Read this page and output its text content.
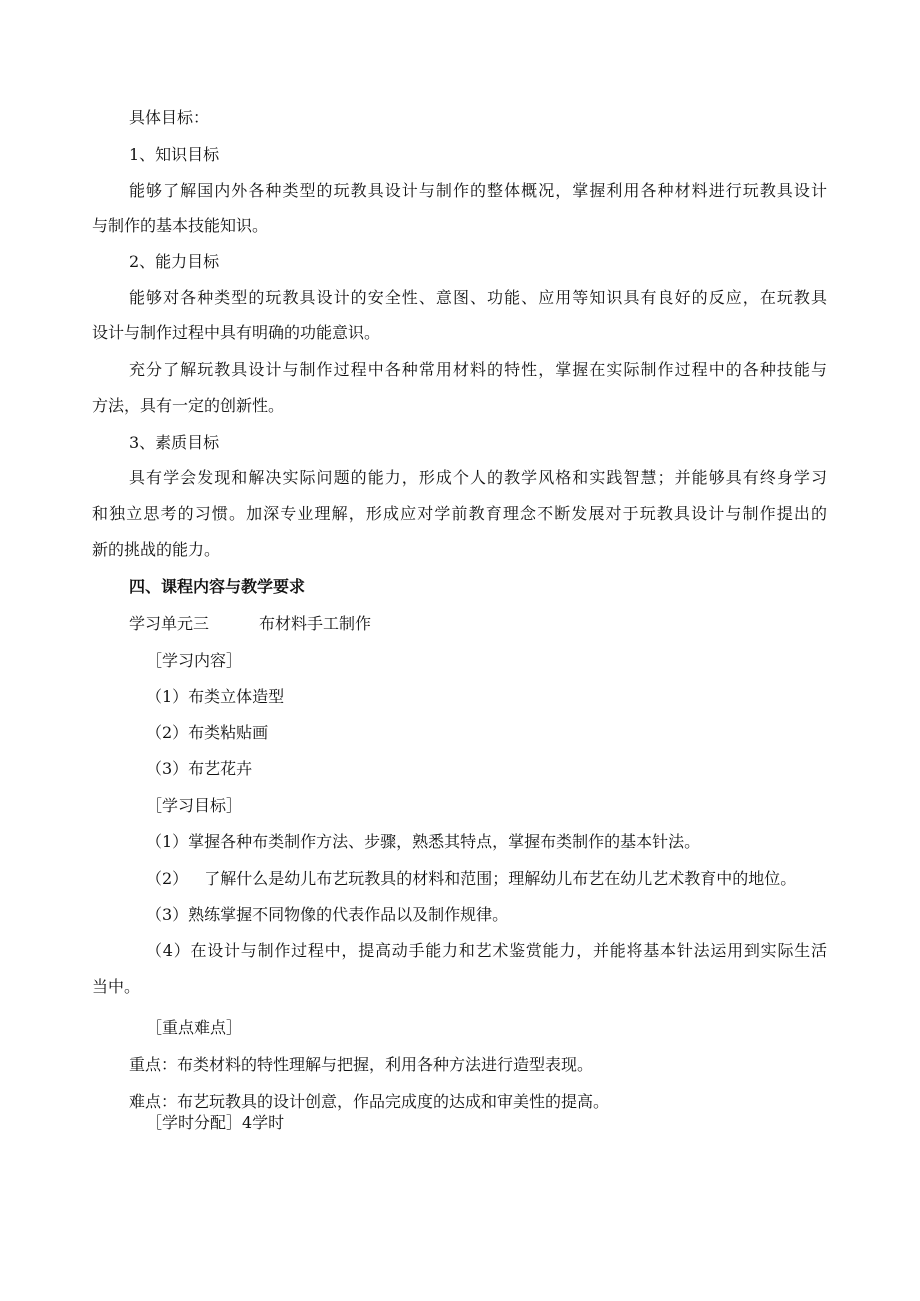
具体目标：

1、知识目标

能够了解国内外各种类型的玩教具设计与制作的整体概况，掌握利用各种材料进行玩教具设计

与制作的基本技能知识。

2、能力目标

能够对各种类型的玩教具设计的安全性、意图、功能、应用等知识具有良好的反应，在玩教具

设计与制作过程中具有明确的功能意识。

充分了解玩教具设计与制作过程中各种常用材料的特性，掌握在实际制作过程中的各种技能与

方法，具有一定的创新性。

3、素质目标

具有学会发现和解决实际问题的能力，形成个人的教学风格和实践智慧；并能够具有终身学习

和独立思考的习惯。加深专业理解，形成应对学前教育理念不断发展对于玩教具设计与制作提出的

新的挑战的能力。

四、课程内容与教学要求

学习单元三	布材料手工制作

［学习内容］

（1）布类立体造型

（2）布类粘贴画

（3）布艺花卉

［学习目标］

（1）掌握各种布类制作方法、步骤，熟悉其特点，掌握布类制作的基本针法。

（2） 了解什么是幼儿布艺玩教具的材料和范围；理解幼儿布艺在幼儿艺术教育中的地位。

（3）熟练掌握不同物像的代表作品以及制作规律。

（4）在设计与制作过程中，提高动手能力和艺术鉴赏能力，并能将基本针法运用到实际生活

当中。

［重点难点］

重点：布类材料的特性理解与把握，利用各种方法进行造型表现。

难点：布艺玩教具的设计创意，作品完成度的达成和审美性的提高。

［学时分配］4学时
